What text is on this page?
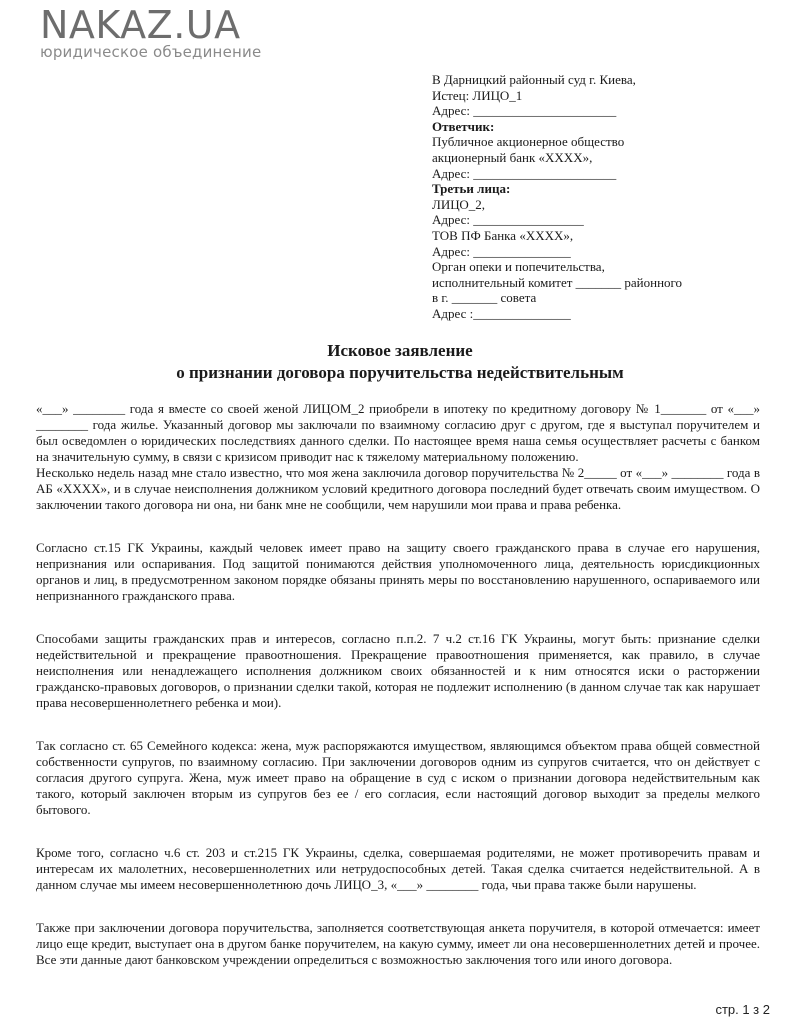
NAKAZ.UA
юридическое объединение
В Дарницкий районный суд г. Киева,
Истец: ЛИЦО_1
Адрес: ______________________
Ответчик:
Публичное акционерное общество
акционерный банк «ХХХХ»,
Адрес: ______________________
Третьи лица:
ЛИЦО_2,
Адрес: _________________
ТОВ ПФ Банка «ХХХХ»,
Адрес: _______________
Орган опеки и попечительства,
исполнительный комитет _______ районного
в г. _______ совета
Адрес :_______________
Исковое заявление
о признании договора поручительства недействительным

«___» ________ года я вместе со своей женой ЛИЦОМ_2 приобрели в ипотеку по кредитному договору № 1_______ от «___» ________ года жилье. Указанный договор мы заключали по взаимному согласию друг с другом, где я выступал поручителем и был осведомлен о юридических последствиях данного сделки. По настоящее время наша семья осуществляет расчеты с банком на значительную сумму, в связи с кризисом приводит нас к тяжелому материальному положению.

Несколько недель назад мне стало известно, что моя жена заключила договор поручительства № 2_____ от «___» ________ года в АБ «ХХХХ», и в случае неисполнения должником условий кредитного договора последний будет отвечать своим имуществом. О заключении такого договора ни она, ни банк мне не сообщили, чем нарушили мои права и права ребенка.

Согласно ст.15 ГК Украины, каждый человек имеет право на защиту своего гражданского права в случае его нарушения, непризнания или оспаривания. Под защитой понимаются действия уполномоченного лица, деятельность юрисдикционных органов и лиц, в предусмотренном законом порядке обязаны принять меры по восстановлению нарушенного, оспариваемого или непризнанного гражданского права.

Способами защиты гражданских прав и интересов, согласно п.п.2. 7 ч.2 ст.16 ГК Украины, могут быть: признание сделки недействительной и прекращение правоотношения. Прекращение правоотношения применяется, как правило, в случае неисполнения или ненадлежащего исполнения должником своих обязанностей и к ним относятся иски о расторжении гражданско-правовых договоров, о признании сделки такой, которая не подлежит исполнению (в данном случае так как нарушает права несовершеннолетнего ребенка и мои).

Так согласно ст. 65 Семейного кодекса: жена, муж распоряжаются имуществом, являющимся объектом права общей совместной собственности супругов, по взаимному согласию. При заключении договоров одним из супругов считается, что он действует с согласия другого супруга. Жена, муж имеет право на обращение в суд с иском о признании договора недействительным как такого, который заключен вторым из супругов без ее / его согласия, если настоящий договор выходит за пределы мелкого бытового.

Кроме того, согласно ч.6 ст. 203 и ст.215 ГК Украины, сделка, совершаемая родителями, не может противоречить правам и интересам их малолетних, несовершеннолетних или нетрудоспособных детей. Такая сделка считается недействительной. А в данном случае мы имеем несовершеннолетнюю дочь ЛИЦО_3, «___» ________ года, чьи права также были нарушены.

Также при заключении договора поручительства, заполняется соответствующая анкета поручителя, в которой отмечается: имеет лицо еще кредит, выступает она в другом банке поручителем, на какую сумму, имеет ли она несовершеннолетних детей и прочее. Все эти данные дают банковском учреждении определиться с возможностью заключения того или иного договора.

стр. 1 з 2
